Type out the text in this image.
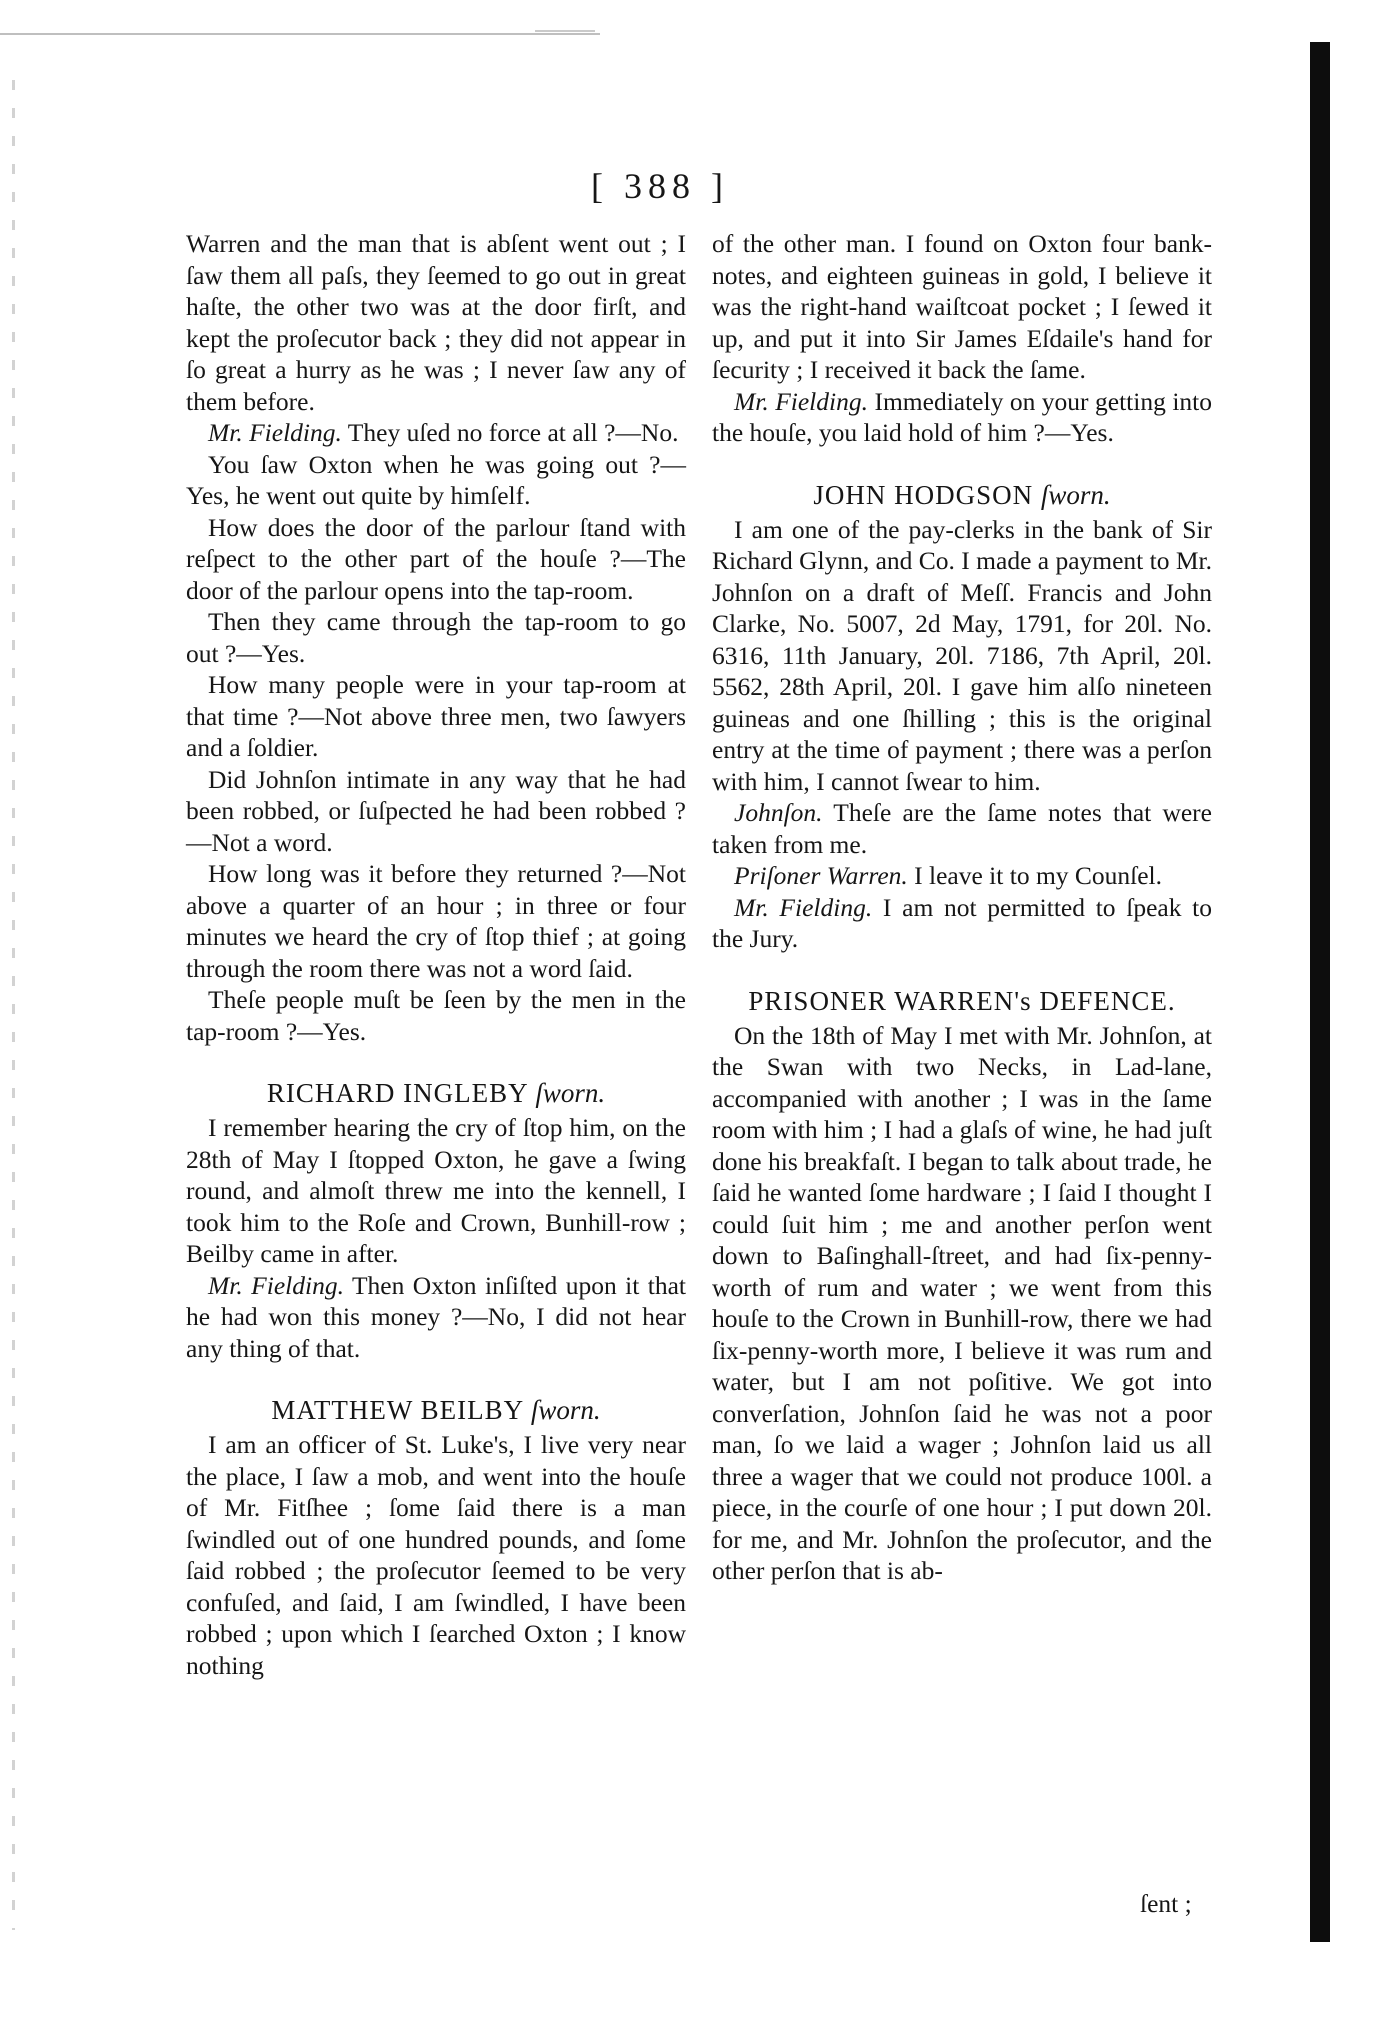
[ 388 ]

Warren and the man that is abſent went out ; I ſaw them all paſs, they ſeemed to go out in great haſte, the other two was at the door firſt, and kept the proſecutor back ; they did not appear in ſo great a hurry as he was ; I never ſaw any of them before.

Mr. Fielding. They uſed no force at all ?—No.

You ſaw Oxton when he was going out ?—Yes, he went out quite by himſelf.

How does the door of the parlour ſtand with reſpect to the other part of the houſe ?—The door of the parlour opens into the tap-room.

Then they came through the tap-room to go out ?—Yes.

How many people were in your tap-room at that time ?—Not above three men, two ſawyers and a ſoldier.

Did Johnſon intimate in any way that he had been robbed, or ſuſpected he had been robbed ?—Not a word.

How long was it before they returned ?—Not above a quarter of an hour ; in three or four minutes we heard the cry of ſtop thief ; at going through the room there was not a word ſaid.

Theſe people muſt be ſeen by the men in the tap-room ?—Yes.

RICHARD INGLEBY ſworn.

I remember hearing the cry of ſtop him, on the 28th of May I ſtopped Oxton, he gave a ſwing round, and almoſt threw me into the kennell, I took him to the Roſe and Crown, Bunhill-row ; Beilby came in after.

Mr. Fielding. Then Oxton inſiſted upon it that he had won this money ?—No, I did not hear any thing of that.

MATTHEW BEILBY ſworn.

I am an officer of St. Luke's, I live very near the place, I ſaw a mob, and went into the houſe of Mr. Fitſhee ; ſome ſaid there is a man ſwindled out of one hundred pounds, and ſome ſaid robbed ; the proſecutor ſeemed to be very confuſed, and ſaid, I am ſwindled, I have been robbed ; upon which I ſearched Oxton ; I know nothing

of the other man. I found on Oxton four bank-notes, and eighteen guineas in gold, I believe it was the right-hand waiſtcoat pocket ; I ſewed it up, and put it into Sir James Eſdaile's hand for ſecurity ; I received it back the ſame.

Mr. Fielding. Immediately on your getting into the houſe, you laid hold of him ?—Yes.

JOHN HODGSON ſworn.

I am one of the pay-clerks in the bank of Sir Richard Glynn, and Co. I made a payment to Mr. Johnſon on a draft of Meſſ. Francis and John Clarke, No. 5007, 2d May, 1791, for 20l. No. 6316, 11th January, 20l. 7186, 7th April, 20l. 5562, 28th April, 20l. I gave him alſo nineteen guineas and one ſhilling ; this is the original entry at the time of payment ; there was a perſon with him, I cannot ſwear to him.

Johnſon. Theſe are the ſame notes that were taken from me.

Priſoner Warren. I leave it to my Counſel.

Mr. Fielding. I am not permitted to ſpeak to the Jury.

PRISONER WARREN's DEFENCE.

On the 18th of May I met with Mr. Johnſon, at the Swan with two Necks, in Lad-lane, accompanied with another ; I was in the ſame room with him ; I had a glaſs of wine, he had juſt done his breakfaſt. I began to talk about trade, he ſaid he wanted ſome hardware ; I ſaid I thought I could ſuit him ; me and another perſon went down to Baſinghall-ſtreet, and had ſix-penny-worth of rum and water ; we went from this houſe to the Crown in Bunhill-row, there we had ſix-penny-worth more, I believe it was rum and water, but I am not poſitive. We got into converſation, Johnſon ſaid he was not a poor man, ſo we laid a wager ; Johnſon laid us all three a wager that we could not produce 100l. a piece, in the courſe of one hour ; I put down 20l. for me, and Mr. Johnſon the proſecutor, and the other perſon that is ab-

ſent ;
